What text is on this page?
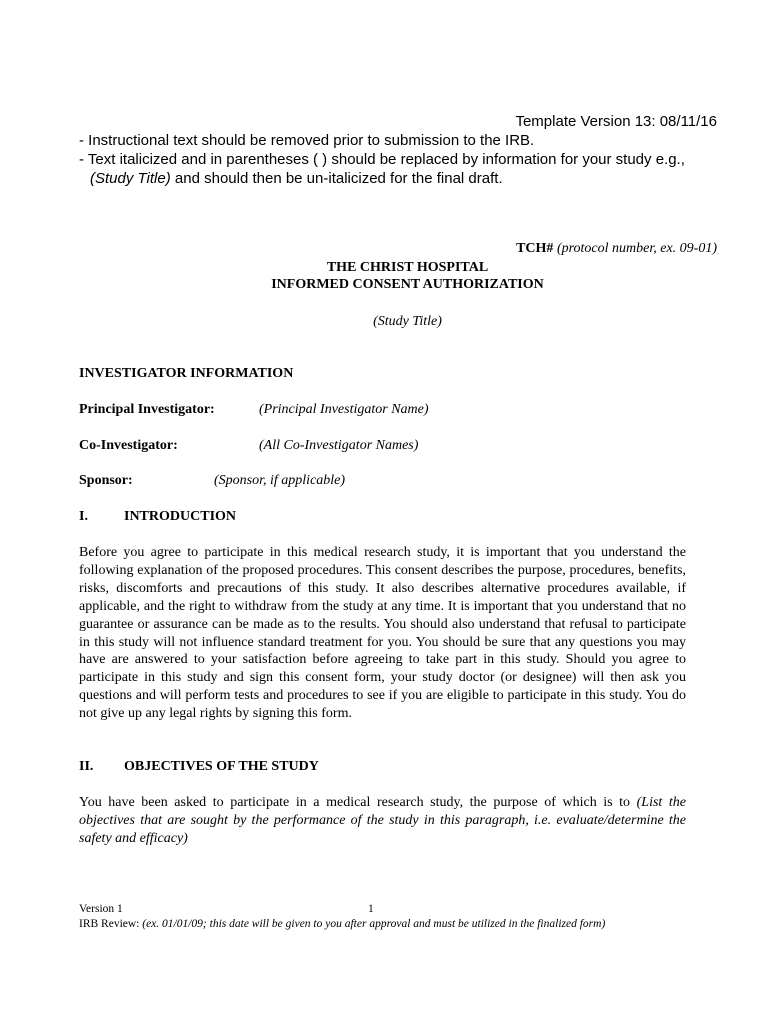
Template Version 13: 08/11/16
- Instructional text should be removed prior to submission to the IRB.
- Text italicized and in parentheses ( ) should be replaced by information for your study e.g.,
(Study Title) and should then be un-italicized for the final draft.
TCH# (protocol number, ex. 09-01)
THE CHRIST HOSPITAL
INFORMED CONSENT AUTHORIZATION
(Study Title)
INVESTIGATOR INFORMATION
Principal Investigator:	(Principal Investigator Name)
Co-Investigator:	(All Co-Investigator Names)
Sponsor:	(Sponsor, if applicable)
I.	INTRODUCTION
Before you agree to participate in this medical research study, it is important that you understand the following explanation of the proposed procedures. This consent describes the purpose, procedures, benefits, risks, discomforts and precautions of this study. It also describes alternative procedures available, if applicable, and the right to withdraw from the study at any time. It is important that you understand that no guarantee or assurance can be made as to the results. You should also understand that refusal to participate in this study will not influence standard treatment for you. You should be sure that any questions you may have are answered to your satisfaction before agreeing to take part in this study. Should you agree to participate in this study and sign this consent form, your study doctor (or designee) will then ask you questions and will perform tests and procedures to see if you are eligible to participate in this study. You do not give up any legal rights by signing this form.
II. OBJECTIVES OF THE STUDY
You have been asked to participate in a medical research study, the purpose of which is to (List the objectives that are sought by the performance of the study in this paragraph, i.e. evaluate/determine the safety and efficacy)
Version 1	1
IRB Review: (ex. 01/01/09; this date will be given to you after approval and must be utilized in the finalized form)
